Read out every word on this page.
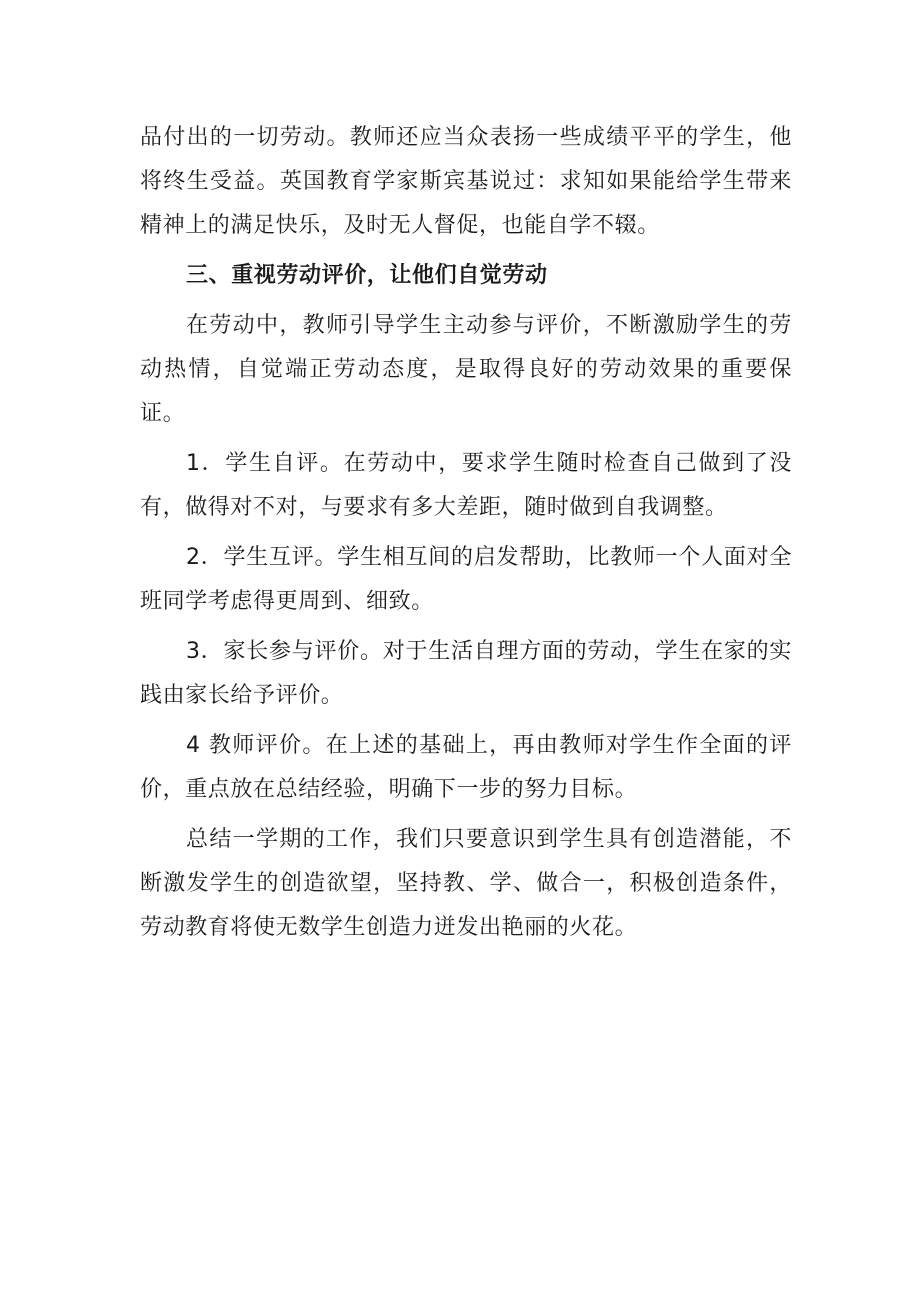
品付出的一切劳动。教师还应当众表扬一些成绩平平的学生，他将终生受益。英国教育学家斯宾基说过：求知如果能给学生带来精神上的满足快乐，及时无人督促，也能自学不辍。

三、重视劳动评价，让他们自觉劳动

在劳动中，教师引导学生主动参与评价，不断激励学生的劳动热情，自觉端正劳动态度，是取得良好的劳动效果的重要保证。

1．学生自评。在劳动中，要求学生随时检查自己做到了没有，做得对不对，与要求有多大差距，随时做到自我调整。

2．学生互评。学生相互间的启发帮助，比教师一个人面对全班同学考虑得更周到、细致。

3．家长参与评价。对于生活自理方面的劳动，学生在家的实践由家长给予评价。

4 教师评价。在上述的基础上，再由教师对学生作全面的评价，重点放在总结经验，明确下一步的努力目标。

总结一学期的工作，我们只要意识到学生具有创造潜能，不断激发学生的创造欲望，坚持教、学、做合一，积极创造条件，劳动教育将使无数学生创造力迸发出艳丽的火花。
